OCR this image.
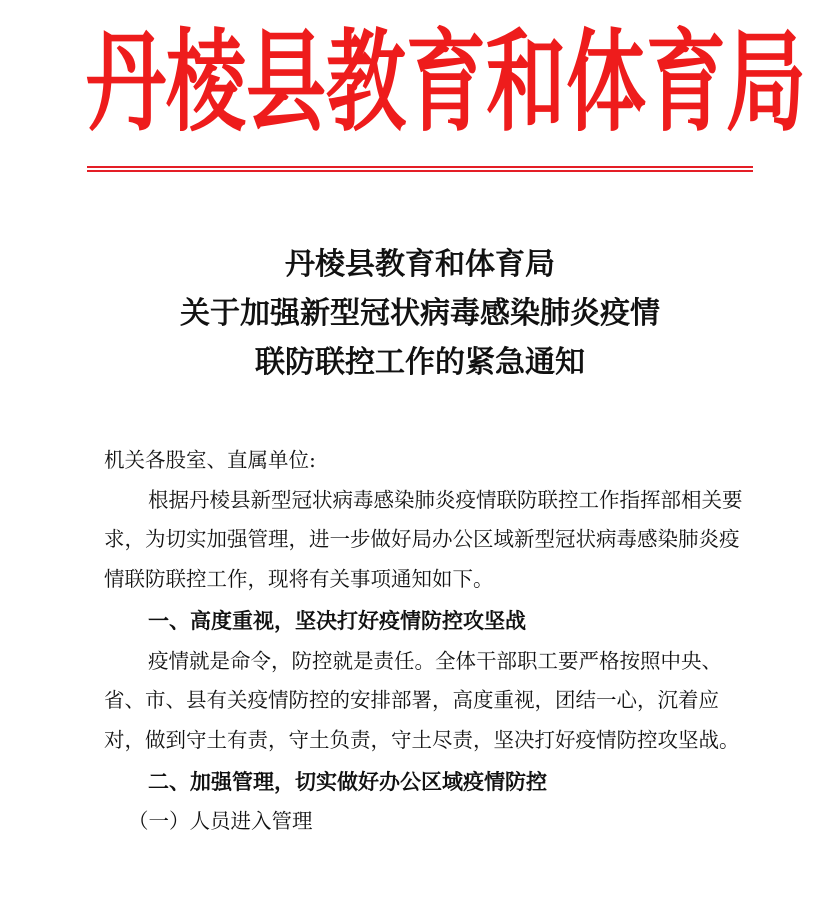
丹 棱 县 教 育 和 体 育 局
丹棱县教育和体育局
关于加强新型冠状病毒感染肺炎疫情
联防联控工作的紧急通知

机关各股室、直属单位:

根据丹棱县新型冠状病毒感染肺炎疫情联防联控工作指挥部相关要求，为切实加强管理，进一步做好局办公区域新型冠状病毒感染肺炎疫情联防联控工作，现将有关事项通知如下。

一、高度重视，坚决打好疫情防控攻坚战

疫情就是命令，防控就是责任。全体干部职工要严格按照中央、省、市、县有关疫情防控的安排部署，高度重视，团结一心，沉着应对，做到守土有责，守土负责，守土尽责，坚决打好疫情防控攻坚战。

二、加强管理，切实做好办公区域疫情防控

（一）人员进入管理
